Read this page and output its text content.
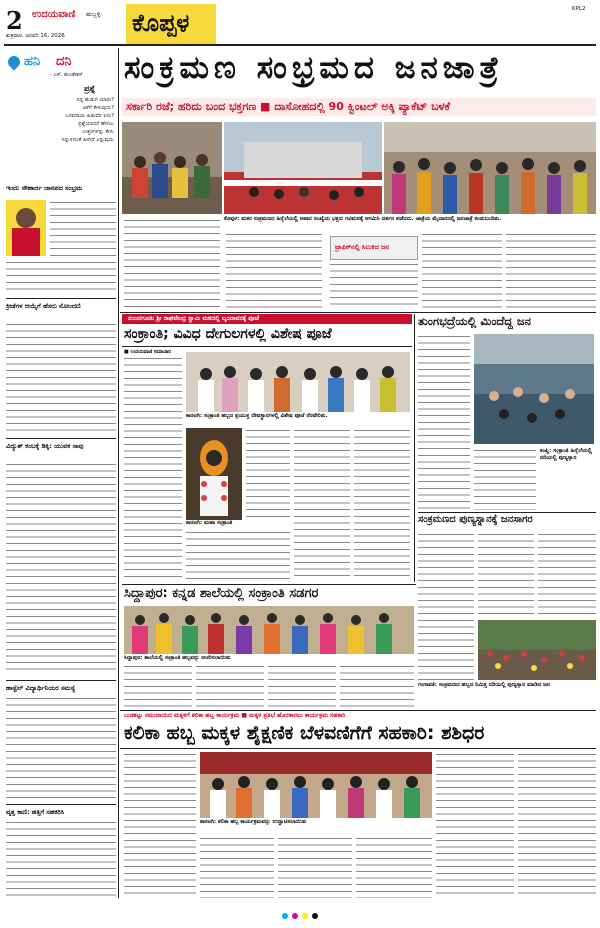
2 ಉದಯವಾಣಿ ಹುಬ್ಬಳ್ಳಿ
ಶುಕ್ರವಾರ, ಜನವರಿ 16, 2026	ಕೊಪ್ಪಳ	KPL2
ಹನಿ ದನಿ
- ಎಸ್. ಹುಂಡೇಕರ್
ಪ್ರಶ್ನೆ
ನಿನ್ನ ಹುಡುಗ ಯಾರು?
ಏಕೆಗೆ ಕೇಳುವುದು?
ಬಸವರಾಯ ಹಿಡುವೆರ ಏನು?
ಪ್ರಶ್ನೆಯಾದರೆ ಹೇಳಲು
ಉತ್ತರಗಳನ್ನು ಕೇಳು
ಇನ್ನುಳಿದಂತೆ ಹೀಗಿದೆ ಎನ್ನುವುದು
ಸಂಕ್ರಮಣ ಸಂಭ್ರಮದ ಜನಜಾತ್ರೆ
ಸರ್ಕಾರಿ ರಜೆ; ಹರಿದು ಬಂದ ಭಕ್ತಗಣ ■ ದಾಸೋಹದಲ್ಲಿ 90 ಕ್ವಿಂಟಲ್ ಅಕ್ಕಿ ಪ್ಯಾಕೆಟ್ ಬಳಕೆ
ಕೊಪ್ಪಳ: ಮಕರ ಸಂಕ್ರಮಣದ ಹಿನ್ನೆಲೆಯಲ್ಲಿ ಅಪಾರ ಸಂಖ್ಯೆಯ ಭಕ್ತರು ಗವಿಮಠಕ್ಕೆ ಆಗಮಿಸಿ ದರ್ಶನ ಪಡೆದರು. ಜಾತ್ರೆಯ ಮೈದಾನದಲ್ಲಿ ಜನಜಾತ್ರೆ ಕಂಡುಬಂದಿತು.
ಟ್ರಾಫಿಕ್‌ನಲ್ಲಿ ಸಿಲುಕಿದ ಜನ
ಇಂದು ಸೌಹಾರ್ದ ಜಾನಪದ ಸಂಭ್ರಮ
ಕ್ರೀಡೆಗಳ ಆಯ್ಕೆಗೆ ಹೆಸರು ನೋಂದಣಿ
ವಿದ್ಯುತ್ ಕಂಬಕ್ಕೆ ಡಿಕ್ಕಿ: ಯುವಕ ಸಾವು
ಹಾಸ್ಟೆಲ್ ವಿದ್ಯಾರ್ಥಿನಿಯರ ಸಮಸ್ಯೆ
ವೃತ್ತ ಕಾಣಿ: ಹತ್ತಿಗೆ ಸಹಕರಿಸಿ
ನಂಜನಗೂಡು ಶ್ರೀ ರಾಘವೇಂದ್ರ ಸ್ವಾಮಿ ಮಠದಲ್ಲಿ ಬೃಂದಾವನಕ್ಕೆ ಪೂಜೆ
ಸಂಕ್ರಾಂತಿ; ವಿವಿಧ ದೇಗುಲಗಳಲ್ಲಿ ವಿಶೇಷ ಪೂಜೆ
■ ಉದಯವಾಣಿ ಸಮಾಚಾರ
ಕಾರಟಗಿ: ಸಂಕ್ರಾಂತಿ ಹಬ್ಬದ ಪ್ರಯುಕ್ತ ದೇವಸ್ಥಾನಗಳಲ್ಲಿ ವಿಶೇಷ ಪೂಜೆ ನೆರವೇರಿತು.
ಕಾರಟಗಿ: ಮಹಾ ಸಂಕ್ರಾಂತಿ
ತುಂಗಭದ್ರೆಯಲ್ಲಿ ಮಿಂದೆದ್ದ ಜನ
ಕಂಪ್ಲಿ: ಸಂಕ್ರಾಂತಿ ಹಿನ್ನೆಲೆಯಲ್ಲಿ ನದಿಯಲ್ಲಿ ಪುಣ್ಯಸ್ನಾನ
ಸಂಕ್ರಮಣದ ಪುಣ್ಯಸ್ನಾನಕ್ಕೆ ಜನಸಾಗರ
ಗಂಗಾವತಿ: ಸಂಕ್ರಮಣದ ಹಬ್ಬದ ನಿಮಿತ್ತ ನದಿಯಲ್ಲಿ ಪುಣ್ಯಸ್ನಾನ ಮಾಡಿದ ಜನ
ಸಿದ್ದಾಪುರ: ಕನ್ನಡ ಶಾಲೆಯಲ್ಲಿ ಸಂಕ್ರಾಂತಿ ಸಡಗರ
ಸಿದ್ದಾಪುರ: ಶಾಲೆಯಲ್ಲಿ ಸಂಕ್ರಾಂತಿ ಹಬ್ಬವನ್ನು ಆಚರಿಸಲಾಯಿತು
ಬುಡಕಟ್ಟು ಸಮುದಾಯದ ಮಕ್ಕಳಿಗೆ ಕಲಿಕಾ ಹಬ್ಬ ಕಾರ್ಯಕ್ರಮ ■ ಮಕ್ಕಳ ಪ್ರತಿಭೆ ಹೊರತಾರಲು ಕಾರ್ಯಕ್ರಮ ಸಹಕಾರಿ
ಕಲಿಕಾ ಹಬ್ಬ ಮಕ್ಕಳ ಶೈಕ್ಷಣಿಕ ಬೆಳವಣಿಗೆಗೆ ಸಹಕಾರಿ: ಶಶಿಧರ
ಕಾರಟಗಿ: ಕಲಿಕಾ ಹಬ್ಬ ಕಾರ್ಯಕ್ರಮವನ್ನು ಉದ್ಘಾಟಿಸಲಾಯಿತು
